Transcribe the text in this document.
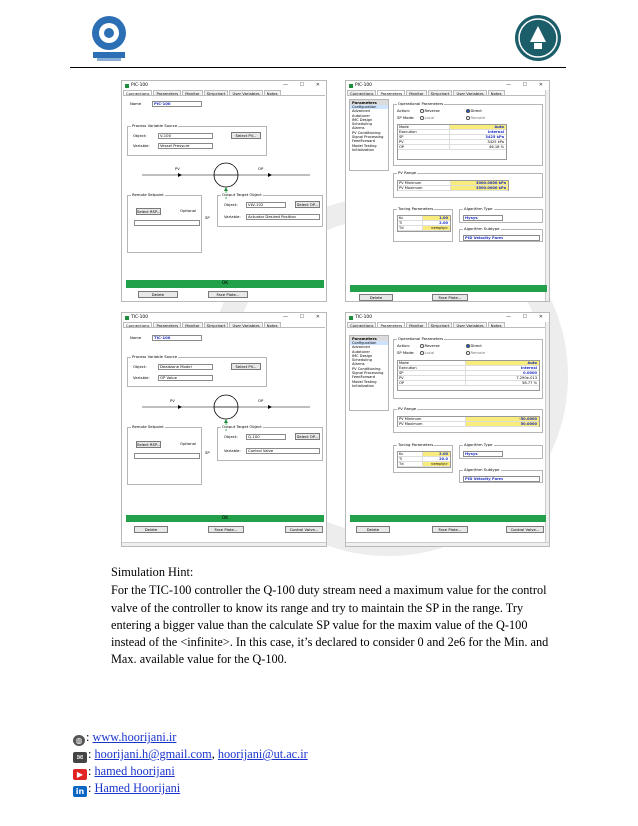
PIC-100	— ☐ ✕
Connections	Parameters	Monitor	Stripchart	User Variables	Notes
Name	PIC-100
Process Variable Source
Object:	V-100	Select PV...
Variable:	Vessel Pressure
PV	OP
SP
Remote Setpoint
Select RSP...	Optional
Output Target Object
Object:	VLV-102	Select OP...
Variable:	Actuator Desired Position
OK
Delete	Face Plate...
PIC-100	— ☐ ✕
Connections	Parameters	Monitor	Stripchart	User Variables	Notes
Parameters
Configuration
Advanced
Autotuner
IMC Design
Scheduling
Alarms
PV Conditioning
Signal Processing
FeedForward
Model Testing
Initialization
Operational Parameters
Action:	Reverse	Direct
SP Mode:	Local	Remote
Mode	Auto
Execution	Internal
SP	3425 kPa
PV	3425 kPa
OP	46.18 %
PV Range
PV Minimum	3000.0000 kPa
PV Maximum	3500.0000 kPa
Tuning Parameters
Kc	1.00
Ti	2.00
Td	<empty>
Algorithm Type
Hysys
Algorithm Subtype
PID Velocity Form
Delete	Face Plate...
TIC-100	— ☐ ✕
Connections	Parameters	Monitor	Stripchart	User Variables	Notes
Name	TIC-100
Process Variable Source
Object:	Deadzone Model	Select PV...
Variable:	OP Value
PV	OP
SP
Remote Setpoint
Select RSP...	Optional
Output Target Object
Object:	Q-100	Select OP...
Variable:	Control Valve
OK
Delete	Face Plate...	Control Valve...
TIC-100	— ☐ ✕
Connections	Parameters	Monitor	Stripchart	User Variables	Notes
Parameters
Configuration
Advanced
Autotuner
IMC Design
Scheduling
Alarms
PV Conditioning
Signal Processing
FeedForward
Model Testing
Initialization
Operational Parameters
Action:	Reverse	Direct
SP Mode:	Local	Remote
Mode	Auto
Execution	Internal
SP	0.0000
PV	7.290e-013
OP	58.77 %
PV Range
PV Minimum	-50.0000
PV Maximum	50.0000
Tuning Parameters
Kc	2.00
Ti	20.0
Td	<empty>
Algorithm Type
Hysys
Algorithm Subtype
PID Velocity Form
Delete	Face Plate...	Control Valve...
Simulation Hint:
For the TIC-100 controller the Q-100 duty stream need a maximum value for the control
valve of the controller to know its range and try to maintain the SP in the range. Try
entering a bigger value than the calculate SP value for the maxim value of the Q-100
instead of the <infinite>. In this case, it’s declared to consider 0 and 2e6 for the Min. and
Max. available value for the Q-100.
◍ : www.hoorijani.ir
✉ : hoorijani.h@gmail.com, hoorijani@ut.ac.ir
▶ : hamed hoorijani
in : Hamed Hoorijani
